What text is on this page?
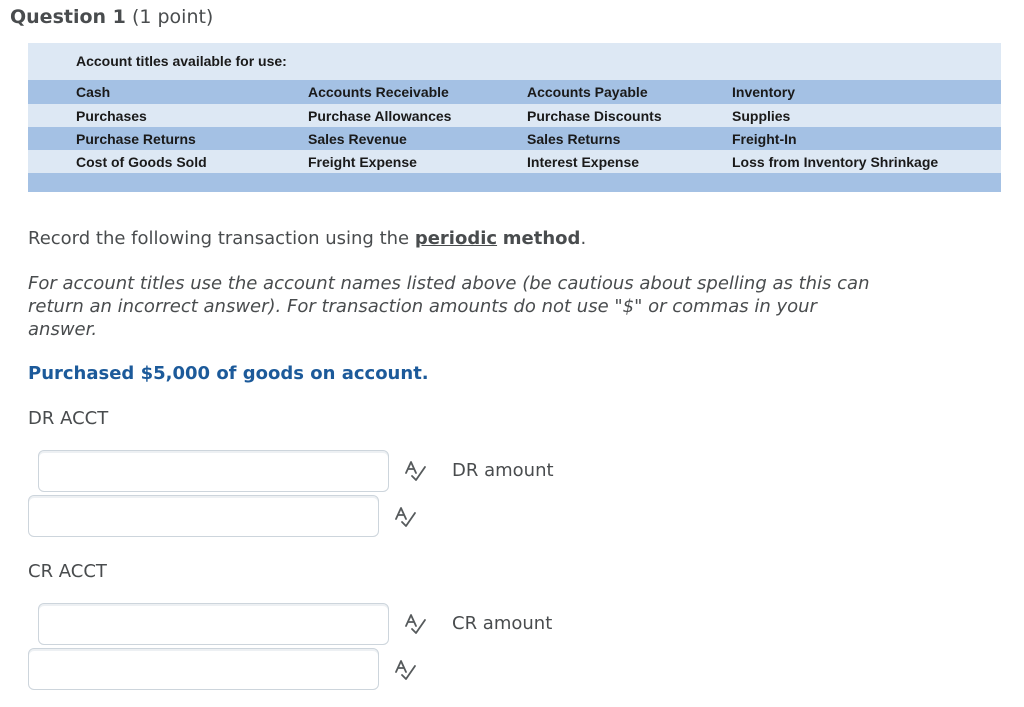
Question 1 (1 point)
Account titles available for use:
Cash	Accounts Receivable	Accounts Payable	Inventory
Purchases	Purchase Allowances	Purchase Discounts	Supplies
Purchase Returns	Sales Revenue	Sales Returns	Freight-In
Cost of Goods Sold	Freight Expense	Interest Expense	Loss from Inventory Shrinkage
Record the following transaction using the periodic method.
For account titles use the account names listed above (be cautious about spelling as this can return an incorrect answer). For transaction amounts do not use "$" or commas in your answer.
Purchased $5,000 of goods on account.
DR ACCT
DR amount
CR ACCT
CR amount
